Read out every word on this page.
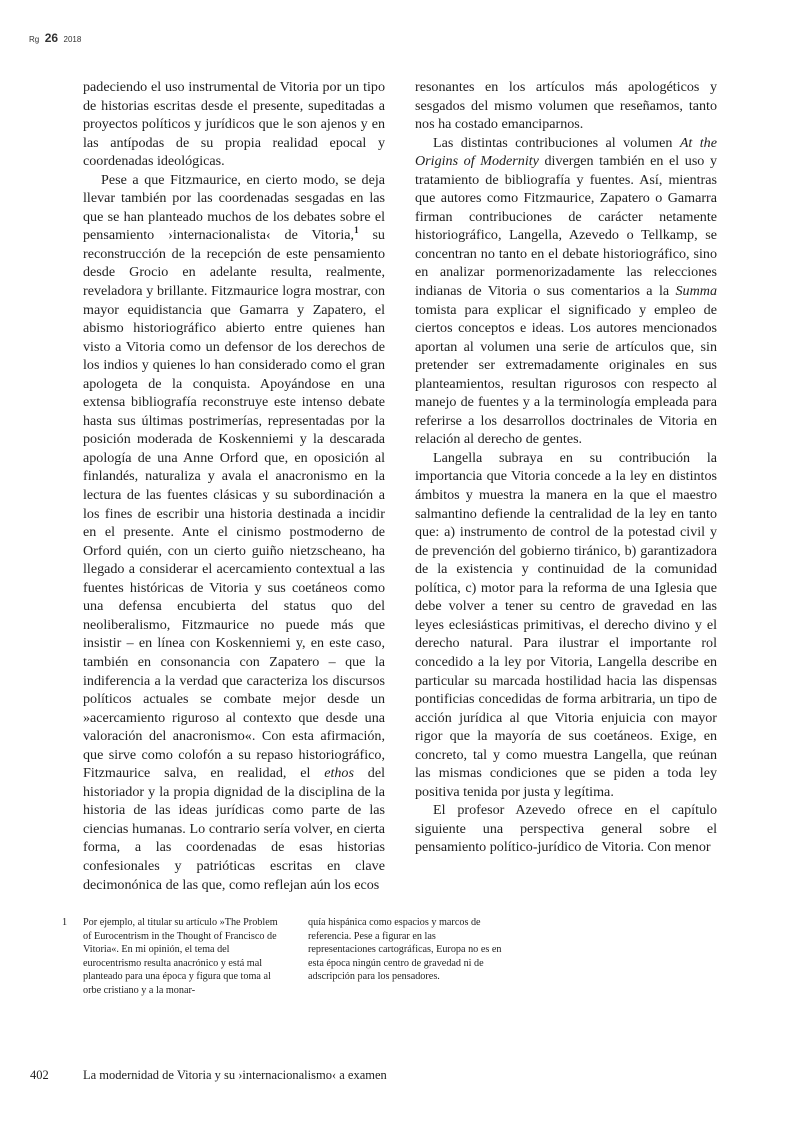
Rg 26 2018

padeciendo el uso instrumental de Vitoria por un tipo de historias escritas desde el presente, supeditadas a proyectos políticos y jurídicos que le son ajenos y en las antípodas de su propia realidad epocal y coordenadas ideológicas.

Pese a que Fitzmaurice, en cierto modo, se deja llevar también por las coordenadas sesgadas en las que se han planteado muchos de los debates sobre el pensamiento ›internacionalista‹ de Vitoria,$^1$ su reconstrucción de la recepción de este pensamiento desde Grocio en adelante resulta, realmente, reveladora y brillante. Fitzmaurice logra mostrar, con mayor equidistancia que Gamarra y Zapatero, el abismo historiográfico abierto entre quienes han visto a Vitoria como un defensor de los derechos de los indios y quienes lo han considerado como el gran apologeta de la conquista. Apoyándose en una extensa bibliografía reconstruye este intenso debate hasta sus últimas postrimerías, representadas por la posición moderada de Koskenniemi y la descarada apología de una Anne Orford que, en oposición al finlandés, naturaliza y avala el anacronismo en la lectura de las fuentes clásicas y su subordinación a los fines de escribir una historia destinada a incidir en el presente. Ante el cinismo postmoderno de Orford quién, con un cierto guiño nietzscheano, ha llegado a considerar el acercamiento contextual a las fuentes históricas de Vitoria y sus coetáneos como una defensa encubierta del status quo del neoliberalismo, Fitzmaurice no puede más que insistir – en línea con Koskenniemi y, en este caso, también en consonancia con Zapatero – que la indiferencia a la verdad que caracteriza los discursos políticos actuales se combate mejor desde un »acercamiento riguroso al contexto que desde una valoración del anacronismo«. Con esta afirmación, que sirve como colofón a su repaso historiográfico, Fitzmaurice salva, en realidad, el ethos del historiador y la propia dignidad de la disciplina de la historia de las ideas jurídicas como parte de las ciencias humanas. Lo contrario sería volver, en cierta forma, a las coordenadas de esas historias confesionales y patrióticas escritas en clave decimonónica de las que, como reflejan aún los ecos

resonantes en los artículos más apologéticos y sesgados del mismo volumen que reseñamos, tanto nos ha costado emanciparnos.

Las distintas contribuciones al volumen At the Origins of Modernity divergen también en el uso y tratamiento de bibliografía y fuentes. Así, mientras que autores como Fitzmaurice, Zapatero o Gamarra firman contribuciones de carácter netamente historiográfico, Langella, Azevedo o Tellkamp, se concentran no tanto en el debate historiográfico, sino en analizar pormenorizadamente las relecciones indianas de Vitoria o sus comentarios a la Summa tomista para explicar el significado y empleo de ciertos conceptos e ideas. Los autores mencionados aportan al volumen una serie de artículos que, sin pretender ser extremadamente originales en sus planteamientos, resultan rigurosos con respecto al manejo de fuentes y a la terminología empleada para referirse a los desarrollos doctrinales de Vitoria en relación al derecho de gentes.

Langella subraya en su contribución la importancia que Vitoria concede a la ley en distintos ámbitos y muestra la manera en la que el maestro salmantino defiende la centralidad de la ley en tanto que: a) instrumento de control de la potestad civil y de prevención del gobierno tiránico, b) garantizadora de la existencia y continuidad de la comunidad política, c) motor para la reforma de una Iglesia que debe volver a tener su centro de gravedad en las leyes eclesiásticas primitivas, el derecho divino y el derecho natural. Para ilustrar el importante rol concedido a la ley por Vitoria, Langella describe en particular su marcada hostilidad hacia las dispensas pontificias concedidas de forma arbitraria, un tipo de acción jurídica al que Vitoria enjuicia con mayor rigor que la mayoría de sus coetáneos. Exige, en concreto, tal y como muestra Langella, que reúnan las mismas condiciones que se piden a toda ley positiva tenida por justa y legítima.

El profesor Azevedo ofrece en el capítulo siguiente una perspectiva general sobre el pensamiento político-jurídico de Vitoria. Con menor

1 Por ejemplo, al titular su artículo »The Problem of Eurocentrism in the Thought of Francisco de Vitoria«. En mi opinión, el tema del eurocentrismo resulta anacrónico y está mal planteado para una época y figura que toma al orbe cristiano y a la monar-

quía hispánica como espacios y marcos de referencia. Pese a figurar en las representaciones cartográficas, Europa no es en esta época ningún centro de gravedad ni de adscripción para los pensadores.

402	La modernidad de Vitoria y su ›internacionalismo‹ a examen
